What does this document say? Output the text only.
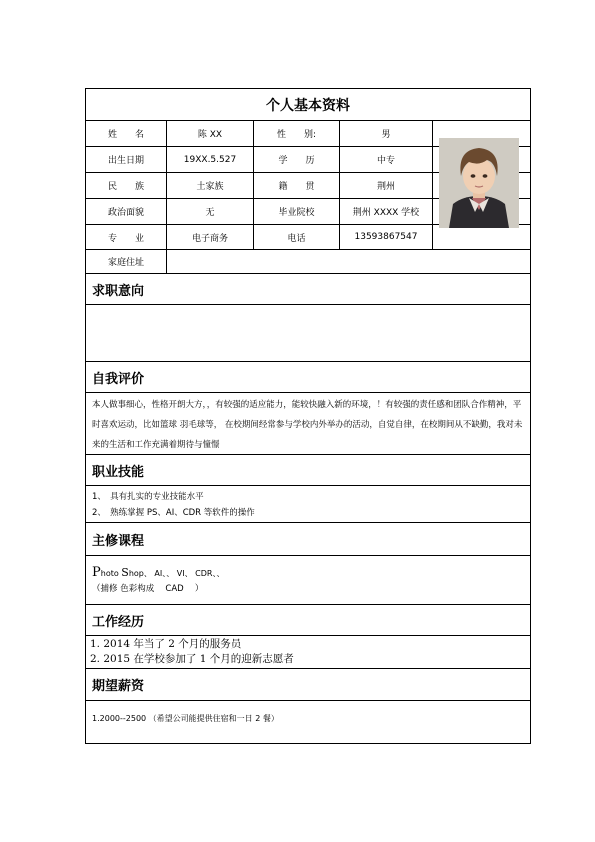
个人基本资料
姓　　名	陈 XX	性　　别:	男
出生日期	19XX.5.527	学　　历	中专
民　　族	土家族	籍　　贯	荆州
政治面貌	无	毕业院校	荆州 XXXX 学校
专　　业	电子商务	电话	13593867547
家庭住址
求职意向
自我评价
本人做事细心，性格开朗大方，，有较强的适应能力，能较快融入新的环境，！有较强的责任感和团队合作精神，平时喜欢运动，比如篮球 羽毛球等， 在校期间经常参与学校内外举办的活动，自觉自律，在校期间从不缺勤，我对未来的生活和工作充满着期待与憧憬
职业技能
1、　具有扎实的专业技能水平
2、　熟练掌握 PS、AI、CDR 等软件的操作
主修课程
Photo Shop、 AI、、 VI、 CDR、、
（捕修 色彩构成　 CAD　 ）
工作经历
1. 2014 年当了 2 个月的服务员
2. 2015 在学校参加了 1 个月的迎新志愿者
期望薪资
1.2000--2500 （希望公司能提供住宿和一日 2 餐）
